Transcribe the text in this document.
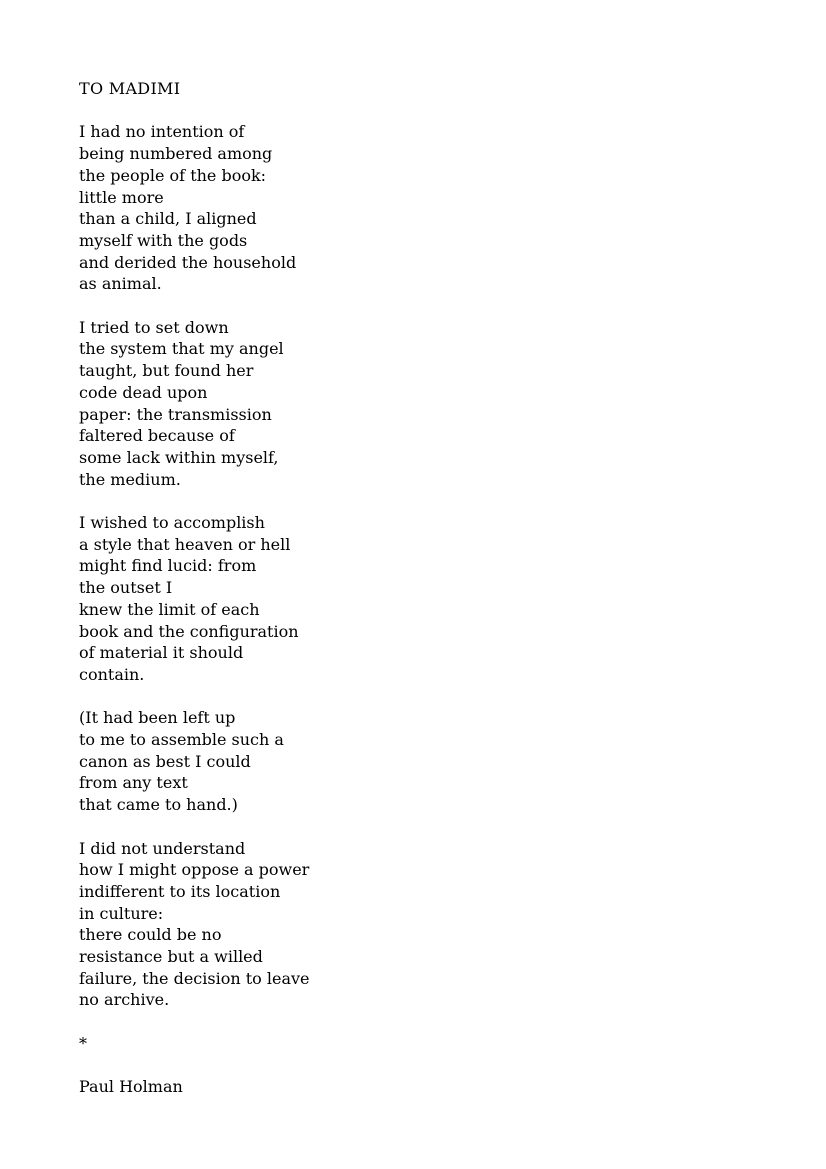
TO MADIMI
I had no intention of
being numbered among
the people of the book:
little more
than a child, I aligned
myself with the gods
and derided the household
as animal.
I tried to set down
the system that my angel
taught, but found her
code dead upon
paper: the transmission
faltered because of
some lack within myself,
the medium.
I wished to accomplish
a style that heaven or hell
might find lucid: from
the outset I
knew the limit of each
book and the configuration
of material it should
contain.
(It had been left up
to me to assemble such a
canon as best I could
from any text
that came to hand.)
I did not understand
how I might oppose a power
indifferent to its location
in culture:
there could be no
resistance but a willed
failure, the decision to leave
no archive.
*
Paul Holman
